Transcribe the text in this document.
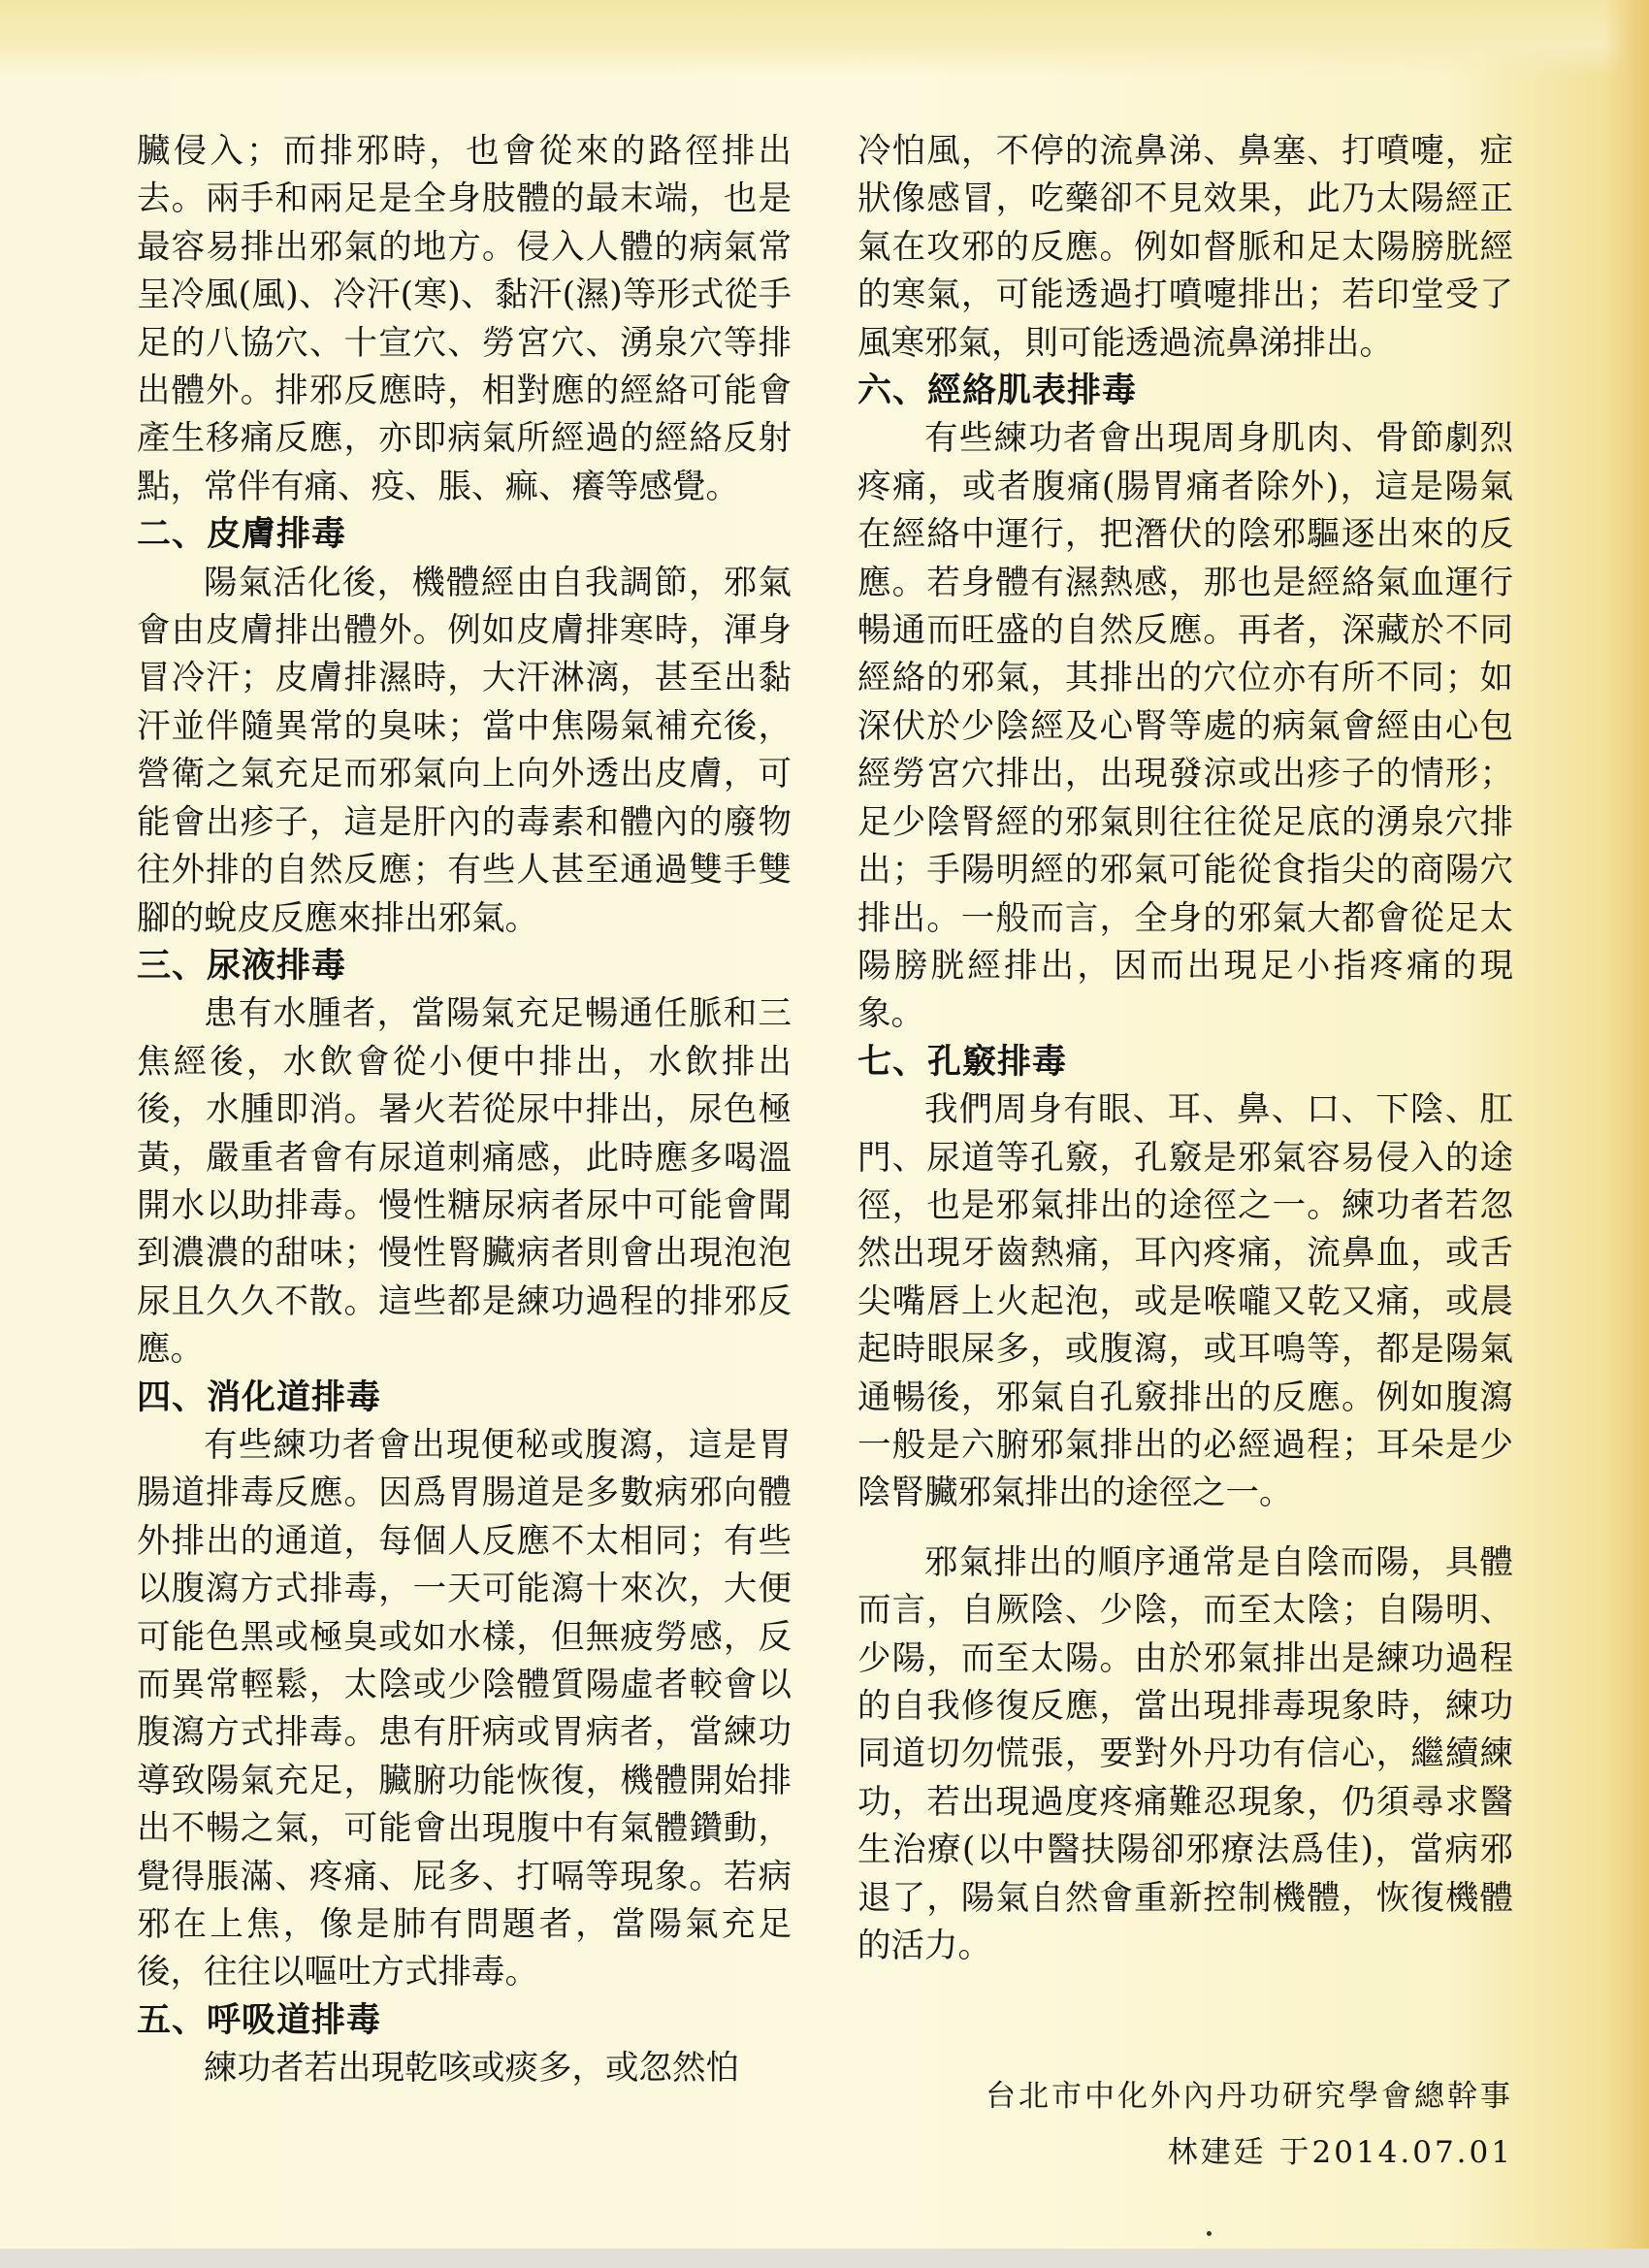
臟侵入；而排邪時，也會從來的路徑排出去。兩手和兩足是全身肢體的最末端，也是最容易排出邪氣的地方。侵入人體的病氣常呈冷風(風)、冷汗(寒)、黏汗(濕)等形式從手足的八協穴、十宣穴、勞宮穴、湧泉穴等排出體外。排邪反應時，相對應的經絡可能會產生移痛反應，亦即病氣所經過的經絡反射點，常伴有痛、疫、脹、痲、癢等感覺。

二、皮膚排毒

陽氣活化後，機體經由自我調節，邪氣會由皮膚排出體外。例如皮膚排寒時，渾身冒冷汗；皮膚排濕時，大汗淋漓，甚至出黏汗並伴隨異常的臭味；當中焦陽氣補充後，營衛之氣充足而邪氣向上向外透出皮膚，可能會出疹子，這是肝內的毒素和體內的廢物往外排的自然反應；有些人甚至通過雙手雙腳的蛻皮反應來排出邪氣。

三、尿液排毒

患有水腫者，當陽氣充足暢通任脈和三焦經後，水飲會從小便中排出，水飲排出後，水腫即消。暑火若從尿中排出，尿色極黃，嚴重者會有尿道刺痛感，此時應多喝溫開水以助排毒。慢性糖尿病者尿中可能會聞到濃濃的甜味；慢性腎臟病者則會出現泡泡尿且久久不散。這些都是練功過程的排邪反應。

四、消化道排毒

有些練功者會出現便秘或腹瀉，這是胃腸道排毒反應。因爲胃腸道是多數病邪向體外排出的通道，每個人反應不太相同；有些以腹瀉方式排毒，一天可能瀉十來次，大便可能色黑或極臭或如水樣，但無疲勞感，反而異常輕鬆，太陰或少陰體質陽虛者較會以腹瀉方式排毒。患有肝病或胃病者，當練功導致陽氣充足，臟腑功能恢復，機體開始排出不暢之氣，可能會出現腹中有氣體鑽動，覺得脹滿、疼痛、屁多、打嗝等現象。若病邪在上焦，像是肺有問題者，當陽氣充足後，往往以嘔吐方式排毒。

五、呼吸道排毒

練功者若出現乾咳或痰多，或忽然怕

冷怕風，不停的流鼻涕、鼻塞、打噴嚏，症狀像感冒，吃藥卻不見效果，此乃太陽經正氣在攻邪的反應。例如督脈和足太陽膀胱經的寒氣，可能透過打噴嚏排出；若印堂受了風寒邪氣，則可能透過流鼻涕排出。

六、經絡肌表排毒

有些練功者會出現周身肌肉、骨節劇烈疼痛，或者腹痛(腸胃痛者除外)，這是陽氣在經絡中運行，把潛伏的陰邪驅逐出來的反應。若身體有濕熱感，那也是經絡氣血運行暢通而旺盛的自然反應。再者，深藏於不同經絡的邪氣，其排出的穴位亦有所不同；如深伏於少陰經及心腎等處的病氣會經由心包經勞宮穴排出，出現發涼或出疹子的情形；足少陰腎經的邪氣則往往從足底的湧泉穴排出；手陽明經的邪氣可能從食指尖的商陽穴排出。一般而言，全身的邪氣大都會從足太陽膀胱經排出，因而出現足小指疼痛的現象。

七、孔竅排毒

我們周身有眼、耳、鼻、口、下陰、肛門、尿道等孔竅，孔竅是邪氣容易侵入的途徑，也是邪氣排出的途徑之一。練功者若忽然出現牙齒熱痛，耳內疼痛，流鼻血，或舌尖嘴唇上火起泡，或是喉嚨又乾又痛，或晨起時眼屎多，或腹瀉，或耳鳴等，都是陽氣通暢後，邪氣自孔竅排出的反應。例如腹瀉一般是六腑邪氣排出的必經過程；耳朵是少陰腎臟邪氣排出的途徑之一。

邪氣排出的順序通常是自陰而陽，具體而言，自厥陰、少陰，而至太陰；自陽明、少陽，而至太陽。由於邪氣排出是練功過程的自我修復反應，當出現排毒現象時，練功同道切勿慌張，要對外丹功有信心，繼續練功，若出現過度疼痛難忍現象，仍須尋求醫生治療(以中醫扶陽卻邪療法爲佳)，當病邪退了，陽氣自然會重新控制機體，恢復機體的活力。

台北市中化外內丹功研究學會總幹事
林建廷 于2014.07.01
